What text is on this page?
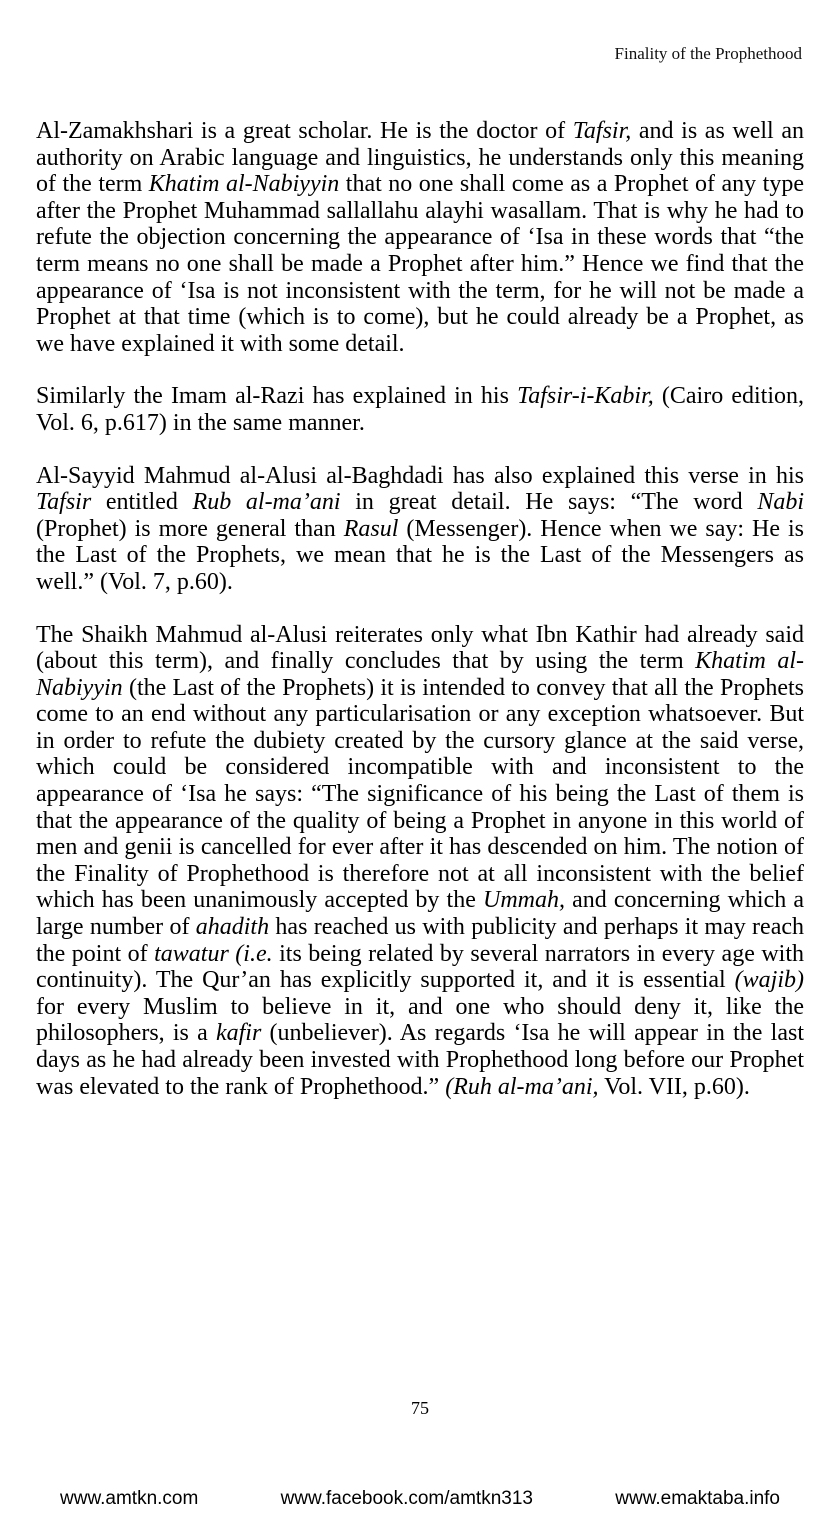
Finality of the Prophethood

Al-Zamakhshari is a great scholar. He is the doctor of Tafsir, and is as well an authority on Arabic language and linguistics, he understands only this meaning of the term Khatim al-Nabiyyin that no one shall come as a Prophet of any type after the Prophet Muhammad sallallahu alayhi wasallam. That is why he had to refute the objection concerning the appearance of ‘Isa in these words that “the term means no one shall be made a Prophet after him.” Hence we find that the appearance of ‘Isa is not inconsistent with the term, for he will not be made a Prophet at that time (which is to come), but he could already be a Prophet, as we have explained it with some detail.

Similarly the Imam al-Razi has explained in his Tafsir-i-Kabir, (Cairo edition, Vol. 6, p.617) in the same manner.

Al-Sayyid Mahmud al-Alusi al-Baghdadi has also explained this verse in his Tafsir entitled Rub al-ma’ani in great detail. He says: “The word Nabi (Prophet) is more general than Rasul (Messenger). Hence when we say: He is the Last of the Prophets, we mean that he is the Last of the Messengers as well.” (Vol. 7, p.60).

The Shaikh Mahmud al-Alusi reiterates only what Ibn Kathir had already said (about this term), and finally concludes that by using the term Khatim al-Nabiyyin (the Last of the Prophets) it is intended to convey that all the Prophets come to an end without any particularisation or any exception whatsoever. But in order to refute the dubiety created by the cursory glance at the said verse, which could be considered incompatible with and inconsistent to the appearance of ‘Isa he says: “The significance of his being the Last of them is that the appearance of the quality of being a Prophet in anyone in this world of men and genii is cancelled for ever after it has descended on him. The notion of the Finality of Prophethood is therefore not at all inconsistent with the belief which has been unanimously accepted by the Ummah, and concerning which a large number of ahadith has reached us with publicity and perhaps it may reach the point of tawatur (i.e. its being related by several narrators in every age with continuity). The Qur’an has explicitly supported it, and it is essential (wajib) for every Muslim to believe in it, and one who should deny it, like the philosophers, is a kafir (unbeliever). As regards ‘Isa he will appear in the last days as he had already been invested with Prophethood long before our Prophet was elevated to the rank of Prophethood.” (Ruh al-ma’ani, Vol. VII, p.60).

75
www.amtkn.com	www.facebook.com/amtkn313	www.emaktaba.info
